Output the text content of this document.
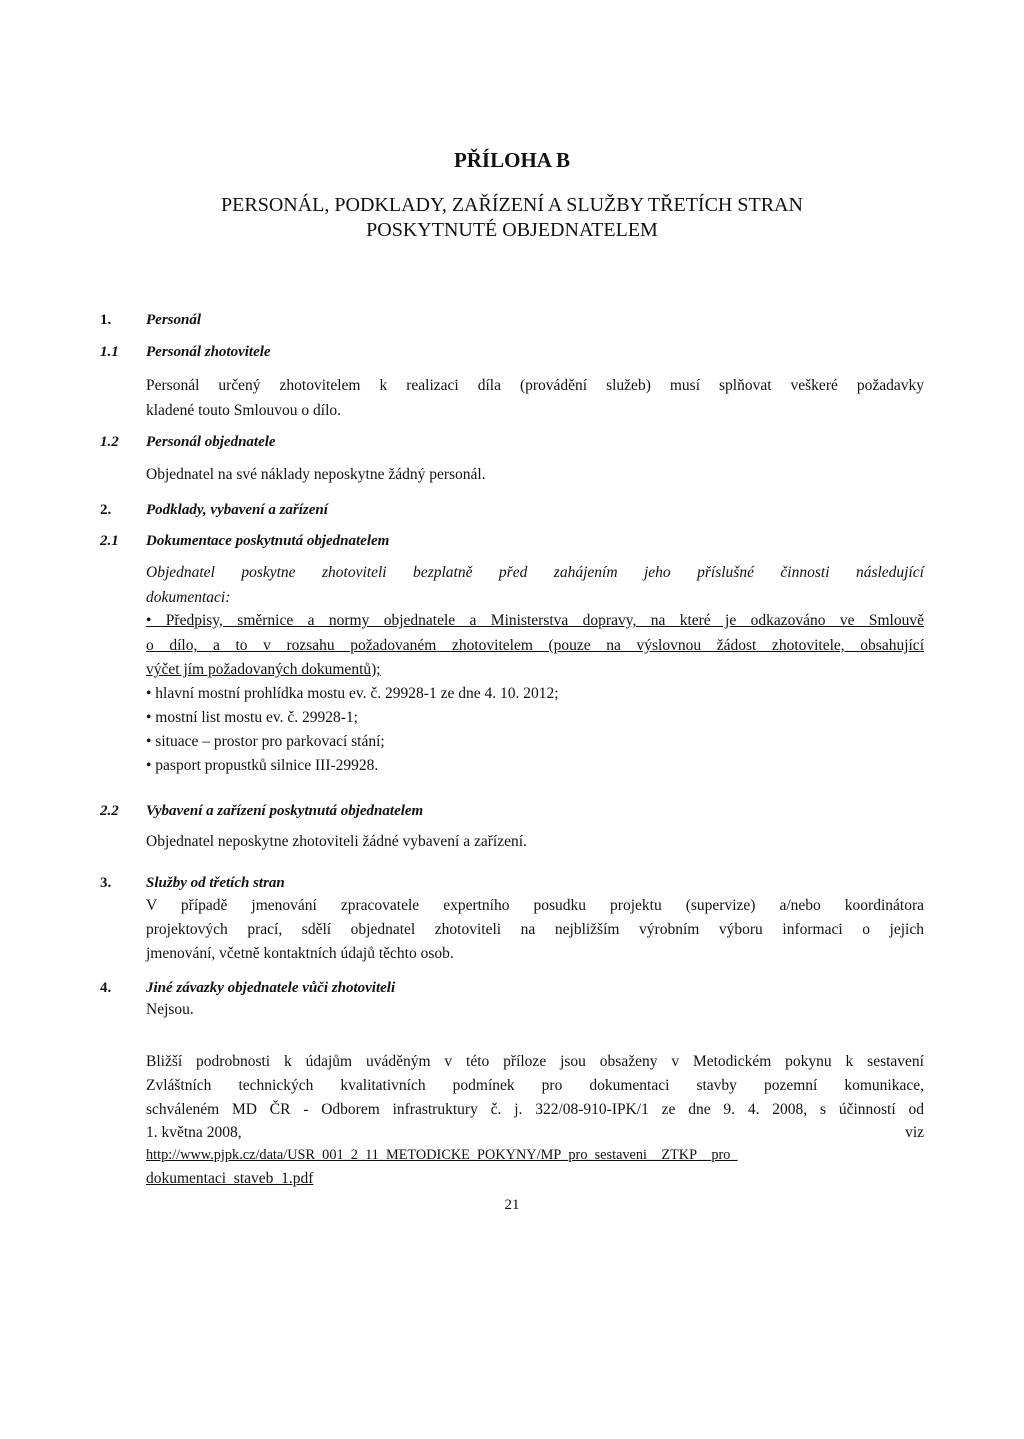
PŘÍLOHA B
PERSONÁL, PODKLADY, ZAŘÍZENÍ A SLUŽBY TŘETÍCH STRAN
POSKYTNUTÉ OBJEDNATELEM
1. Personál
1.1 Personál zhotovitele
Personál určený zhotovitelem k realizaci díla (provádění služeb) musí splňovat veškeré požadavky
kladené touto Smlouvou o dílo.
1.2 Personál objednatele
Objednatel na své náklady neposkytne žádný personál.
2. Podklady, vybavení a zařízení
2.1 Dokumentace poskytnutá objednatelem
Objednatel poskytne zhotoviteli bezplatně před zahájením jeho příslušné činnosti následující
dokumentaci:
• Předpisy, směrnice a normy objednatele a Ministerstva dopravy, na které je odkazováno ve Smlouvě
o dílo, a to v rozsahu požadovaném zhotovitelem (pouze na výslovnou žádost zhotovitele, obsahující
výčet jím požadovaných dokumentů);
• hlavní mostní prohlídka mostu ev. č. 29928-1 ze dne 4. 10. 2012;
• mostní list mostu ev. č. 29928-1;
• situace – prostor pro parkovací stání;
• pasport propustků silnice III-29928.
2.2 Vybavení a zařízení poskytnutá objednatelem
Objednatel neposkytne zhotoviteli žádné vybavení a zařízení.
3. Služby od třetích stran
V případě jmenování zpracovatele expertního posudku projektu (supervize) a/nebo koordinátora
projektových prací, sdělí objednatel zhotoviteli na nejbližším výrobním výboru informaci o jejich
jmenování, včetně kontaktních údajů těchto osob.
4. Jiné závazky objednatele vůči zhotoviteli
Nejsou.
Bližší podrobnosti k údajům uváděným v této příloze jsou obsaženy v Metodickém pokynu k sestavení
Zvláštních technických kvalitativních podmínek pro dokumentaci stavby pozemní komunikace,
schváleném MD ČR - Odborem infrastruktury č. j. 322/08-910-IPK/1 ze dne 9. 4. 2008, s účinností od
1. května 2008,	viz
http://www.pjpk.cz/data/USR_001_2_11_METODICKE_POKYNY/MP_pro_sestaveni__ZTKP__pro_
dokumentaci_staveb_1.pdf
21
